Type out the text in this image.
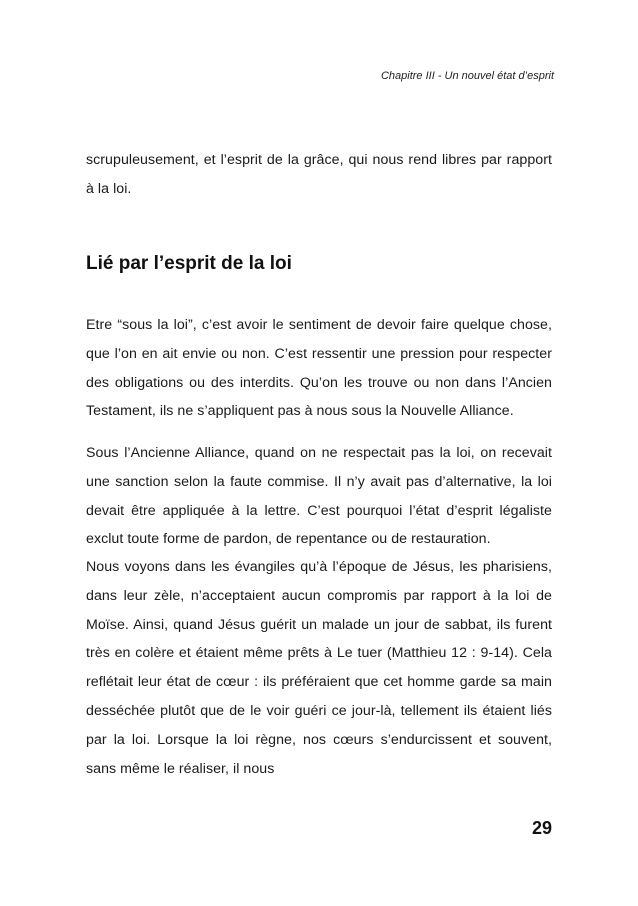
Chapitre III - Un nouvel état d’esprit

scrupuleusement, et l’esprit de la grâce, qui nous rend libres par rapport à la loi.

Lié par l’esprit de la loi

Etre “sous la loi”, c’est avoir le sentiment de devoir faire quelque chose, que l’on en ait envie ou non. C’est ressentir une pression pour respecter des obligations ou des interdits. Qu’on les trouve ou non dans l’Ancien Testament, ils ne s’appliquent pas à nous sous la Nouvelle Alliance.

Sous l’Ancienne Alliance, quand on ne respectait pas la loi, on recevait une sanction selon la faute commise. Il n’y avait pas d’alternative, la loi devait être appliquée à la lettre. C’est pourquoi l’état d’esprit légaliste exclut toute forme de pardon, de repentance ou de restauration.

Nous voyons dans les évangiles qu’à l’époque de Jésus, les pharisiens, dans leur zèle, n’acceptaient aucun compromis par rapport à la loi de Moïse. Ainsi, quand Jésus guérit un malade un jour de sabbat, ils furent très en colère et étaient même prêts à Le tuer (Matthieu 12 : 9-14). Cela reflétait leur état de cœur : ils préféraient que cet homme garde sa main desséchée plutôt que de le voir guéri ce jour-là, tellement ils étaient liés par la loi. Lorsque la loi règne, nos cœurs s’endurcissent et souvent, sans même le réaliser, il nous

29
